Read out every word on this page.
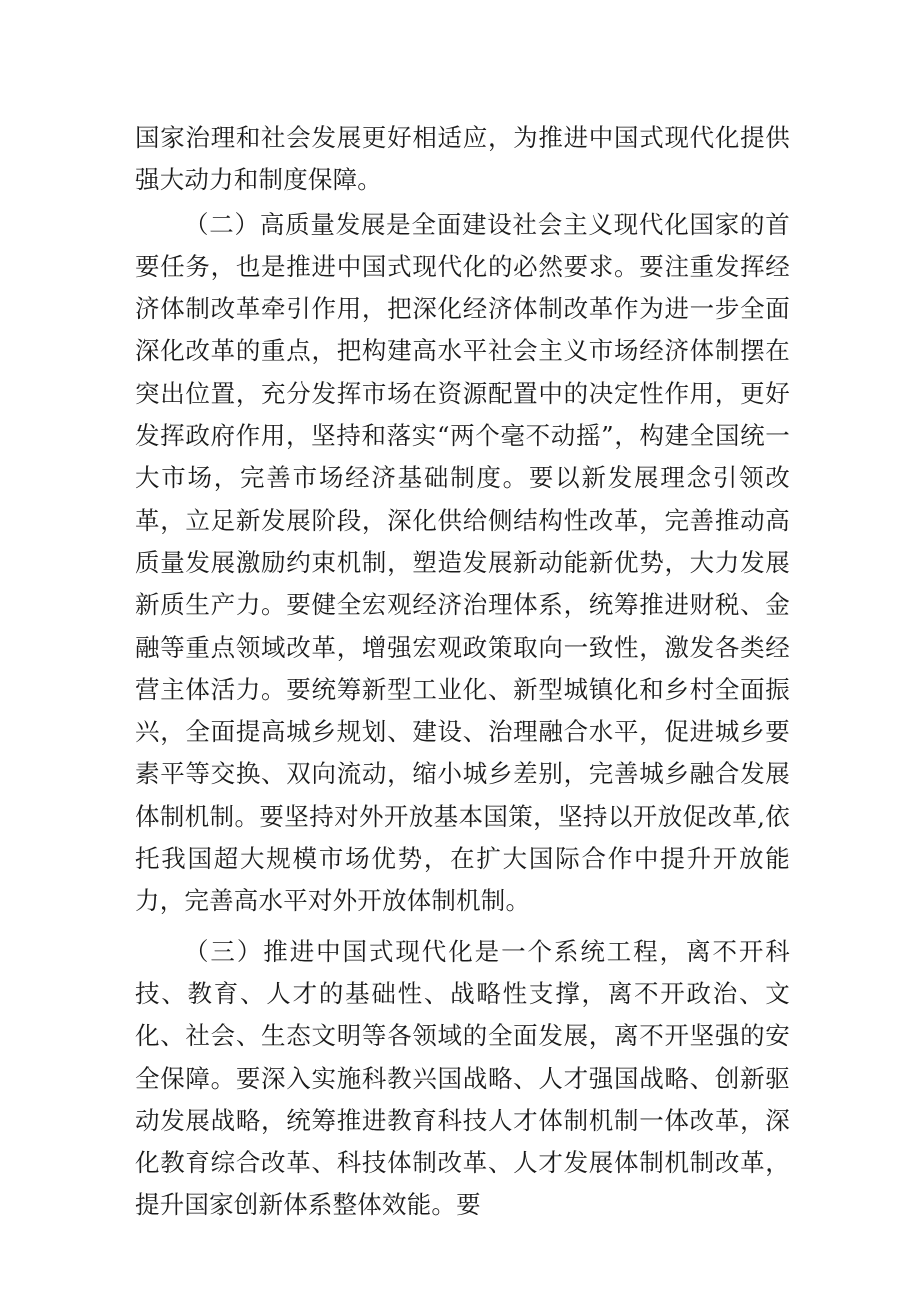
国家治理和社会发展更好相适应，为推进中国式现代化提供强大动力和制度保障。

（二）高质量发展是全面建设社会主义现代化国家的首要任务，也是推进中国式现代化的必然要求。要注重发挥经济体制改革牵引作用，把深化经济体制改革作为进一步全面深化改革的重点，把构建高水平社会主义市场经济体制摆在突出位置，充分发挥市场在资源配置中的决定性作用，更好发挥政府作用，坚持和落实“两个毫不动摇”，构建全国统一大市场，完善市场经济基础制度。要以新发展理念引领改革，立足新发展阶段，深化供给侧结构性改革，完善推动高质量发展激励约束机制，塑造发展新动能新优势，大力发展新质生产力。要健全宏观经济治理体系，统筹推进财税、金融等重点领域改革，增强宏观政策取向一致性，激发各类经营主体活力。要统筹新型工业化、新型城镇化和乡村全面振兴，全面提高城乡规划、建设、治理融合水平，促进城乡要素平等交换、双向流动，缩小城乡差别，完善城乡融合发展体制机制。要坚持对外开放基本国策，坚持以开放促改革,依托我国超大规模市场优势，在扩大国际合作中提升开放能力，完善高水平对外开放体制机制。

（三）推进中国式现代化是一个系统工程，离不开科技、教育、人才的基础性、战略性支撑，离不开政治、文化、社会、生态文明等各领域的全面发展，离不开坚强的安全保障。要深入实施科教兴国战略、人才强国战略、创新驱动发展战略，统筹推进教育科技人才体制机制一体改革，深化教育综合改革、科技体制改革、人才发展体制机制改革，提升国家创新体系整体效能。要
